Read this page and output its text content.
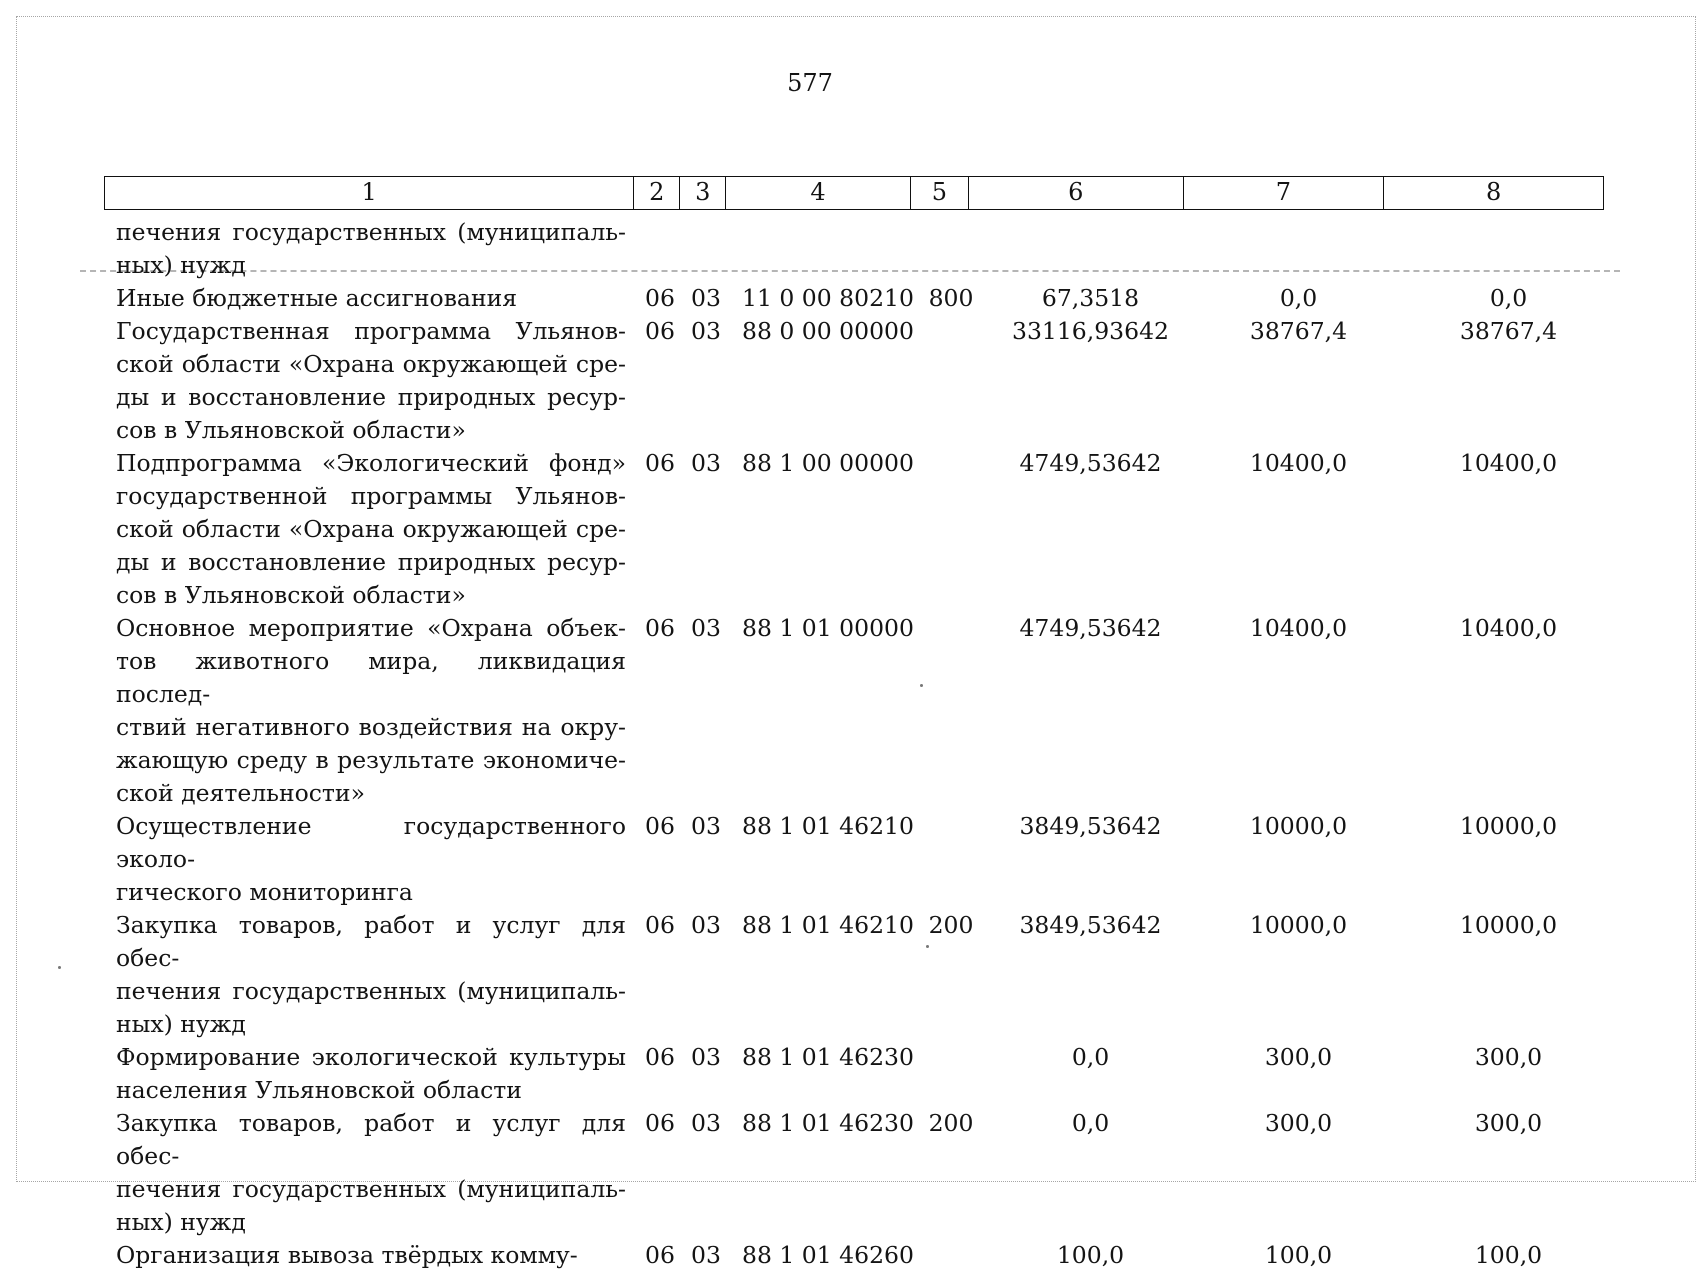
577
1	2	3	4	5	6	7	8
печения государственных (муниципаль-
ных) нужд
Иные бюджетные ассигнования	06 03 11 0 00 80210 800	67,3518	0,0	0,0
Государственная программа Ульянов-
ской области «Охрана окружающей сре-
ды и восстановление природных ресур-
сов в Ульяновской области»
06 03 88 0 00 00000	33116,93642	38767,4	38767,4
Подпрограмма «Экологический фонд»
государственной программы Ульянов-
ской области «Охрана окружающей сре-
ды и восстановление природных ресур-
сов в Ульяновской области»
06 03 88 1 00 00000	4749,53642	10400,0	10400,0
Основное мероприятие «Охрана объек-
тов животного мира, ликвидация послед-
ствий негативного воздействия на окру-
жающую среду в результате экономиче-
ской деятельности»
06 03 88 1 01 00000	4749,53642	10400,0	10400,0
Осуществление государственного эколо-
гического мониторинга
06 03 88 1 01 46210	3849,53642	10000,0	10000,0
Закупка товаров, работ и услуг для обес-
печения государственных (муниципаль-
ных) нужд
06 03 88 1 01 46210 200	3849,53642	10000,0	10000,0
Формирование экологической культуры
населения Ульяновской области
06 03 88 1 01 46230	0,0	300,0	300,0
Закупка товаров, работ и услуг для обес-
печения государственных (муниципаль-
ных) нужд
06 03 88 1 01 46230 200	0,0	300,0	300,0
Организация вывоза твёрдых комму-	06 03 88 1 01 46260	100,0	100,0	100,0
